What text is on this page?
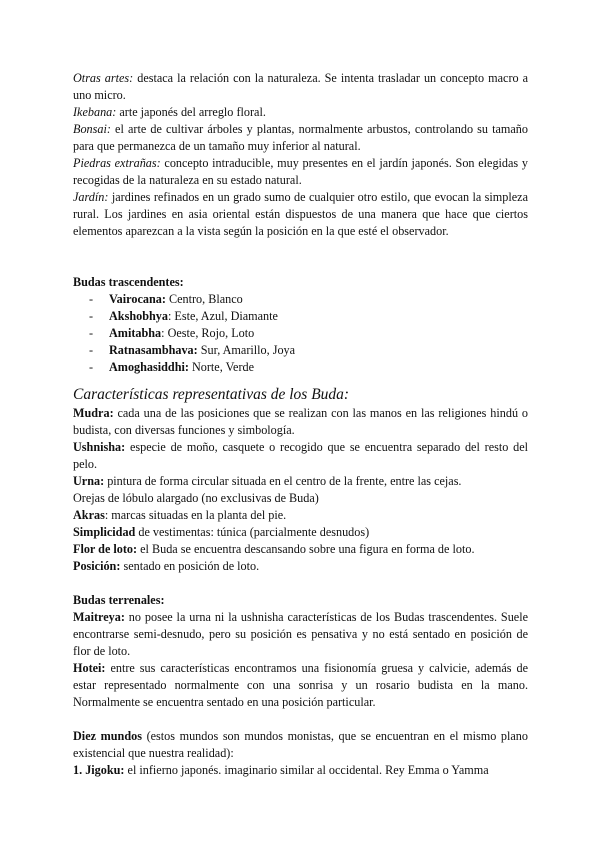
Otras artes: destaca la relación con la naturaleza. Se intenta trasladar un concepto macro a uno micro.

Ikebana: arte japonés del arreglo floral.

Bonsai: el arte de cultivar árboles y plantas, normalmente arbustos, controlando su tamaño para que permanezca de un tamaño muy inferior al natural.

Piedras extrañas: concepto intraducible, muy presentes en el jardín japonés. Son elegidas y recogidas de la naturaleza en su estado natural.

Jardín: jardines refinados en un grado sumo de cualquier otro estilo, que evocan la simpleza rural. Los jardines en asia oriental están dispuestos de una manera que hace que ciertos elementos aparezcan a la vista según la posición en la que esté el observador.

Budas trascendentes:

- Vairocana: Centro, Blanco
- Akshobhya: Este, Azul, Diamante
- Amitabha: Oeste, Rojo, Loto
- Ratnasambhava: Sur, Amarillo, Joya
- Amoghasiddhi: Norte, Verde
Características representativas de los Buda:

Mudra: cada una de las posiciones que se realizan con las manos en las religiones hindú o budista, con diversas funciones y simbología.

Ushnisha: especie de moño, casquete o recogido que se encuentra separado del resto del pelo.

Urna: pintura de forma circular situada en el centro de la frente, entre las cejas.

Orejas de lóbulo alargado (no exclusivas de Buda)

Akras: marcas situadas en la planta del pie.

Simplicidad de vestimentas: túnica (parcialmente desnudos)

Flor de loto: el Buda se encuentra descansando sobre una figura en forma de loto.

Posición: sentado en posición de loto.

Budas terrenales:

Maitreya: no posee la urna ni la ushnisha características de los Budas trascendentes. Suele encontrarse semi-desnudo, pero su posición es pensativa y no está sentado en posición de flor de loto.

Hotei: entre sus características encontramos una fisionomía gruesa y calvicie, además de estar representado normalmente con una sonrisa y un rosario budista en la mano. Normalmente se encuentra sentado en una posición particular.

Diez mundos (estos mundos son mundos monistas, que se encuentran en el mismo plano existencial que nuestra realidad):

1. Jigoku: el infierno japonés. imaginario similar al occidental. Rey Emma o Yamma
